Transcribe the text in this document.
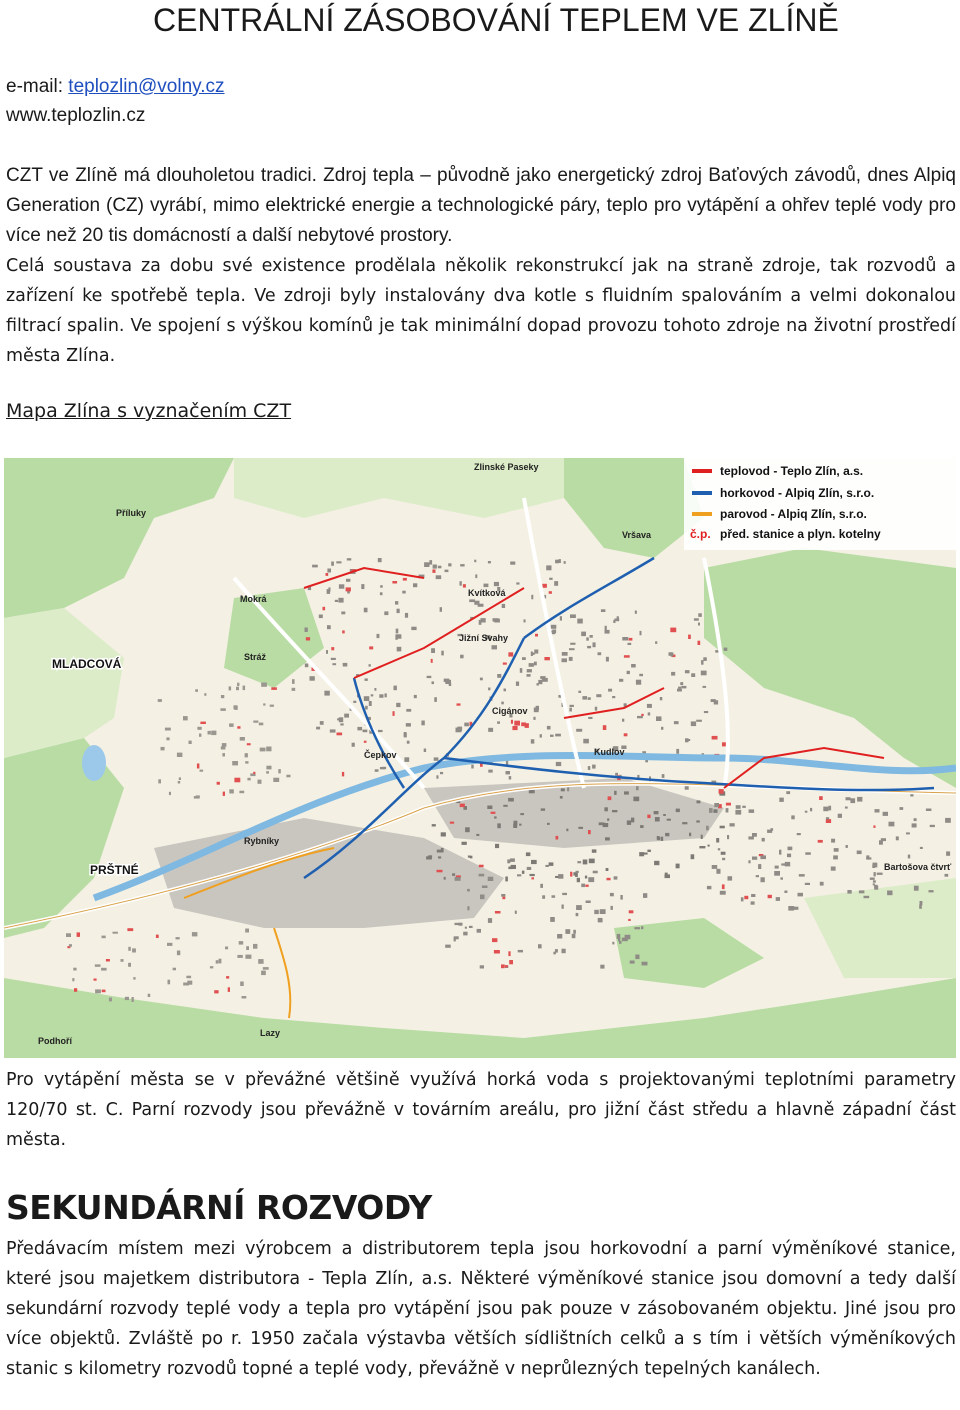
CENTRÁLNÍ ZÁSOBOVÁNÍ TEPLEM VE ZLÍNĚ
e-mail: teplozlin@volny.cz
www.teplozlin.cz

CZT ve Zlíně má dlouholetou tradici. Zdroj tepla – původně jako energetický zdroj Baťových závodů, dnes Alpiq Generation (CZ) vyrábí, mimo elektrické energie a technologické páry, teplo pro vytápění a ohřev teplé vody pro více než 20 tis domácností a další nebytové prostory.

Celá soustava za dobu své existence prodělala několik rekonstrukcí jak na straně zdroje, tak rozvodů a zařízení ke spotřebě tepla. Ve zdroji byly instalovány dva kotle s fluidním spalováním a velmi dokonalou filtrací spalin. Ve spojení s výškou komínů je tak minimální dopad provozu tohoto zdroje na životní prostředí města Zlína.

Mapa Zlína s vyznačením CZT
teplovod - Teplo Zlín, a.s.
horkovod - Alpiq Zlín, s.r.o.
parovod - Alpiq Zlín, s.r.o.
č.p. před. stanice a plyn. kotelny
MLADCOVÁ
PRŠTNÉ
Jižní Svahy
Vršava
Kudlov
Rybníky
Bartošova čtvrť
Podhoří
Lazy
Zlinské Paseky
Příluky
Mokrá
Stráž
Čepkov
Kvítková
Cigánov

Pro vytápění města se v převážné většině využívá horká voda s projektovanými teplotními parametry 120/70 st. C. Parní rozvody jsou převážně v továrním areálu, pro jižní část středu a hlavně západní část města.

SEKUNDÁRNÍ ROZVODY

Předávacím místem mezi výrobcem a distributorem tepla jsou horkovodní a parní výměníkové stanice, které jsou majetkem distributora - Tepla Zlín, a.s. Některé výměníkové stanice jsou domovní a tedy další sekundární rozvody teplé vody a tepla pro vytápění jsou pak pouze v zásobovaném objektu. Jiné jsou pro více objektů. Zvláště po r. 1950 začala výstavba větších sídlištních celků a s tím i větších výměníkových stanic s kilometry rozvodů topné a teplé vody, převážně v neprůlezných tepelných kanálech.
